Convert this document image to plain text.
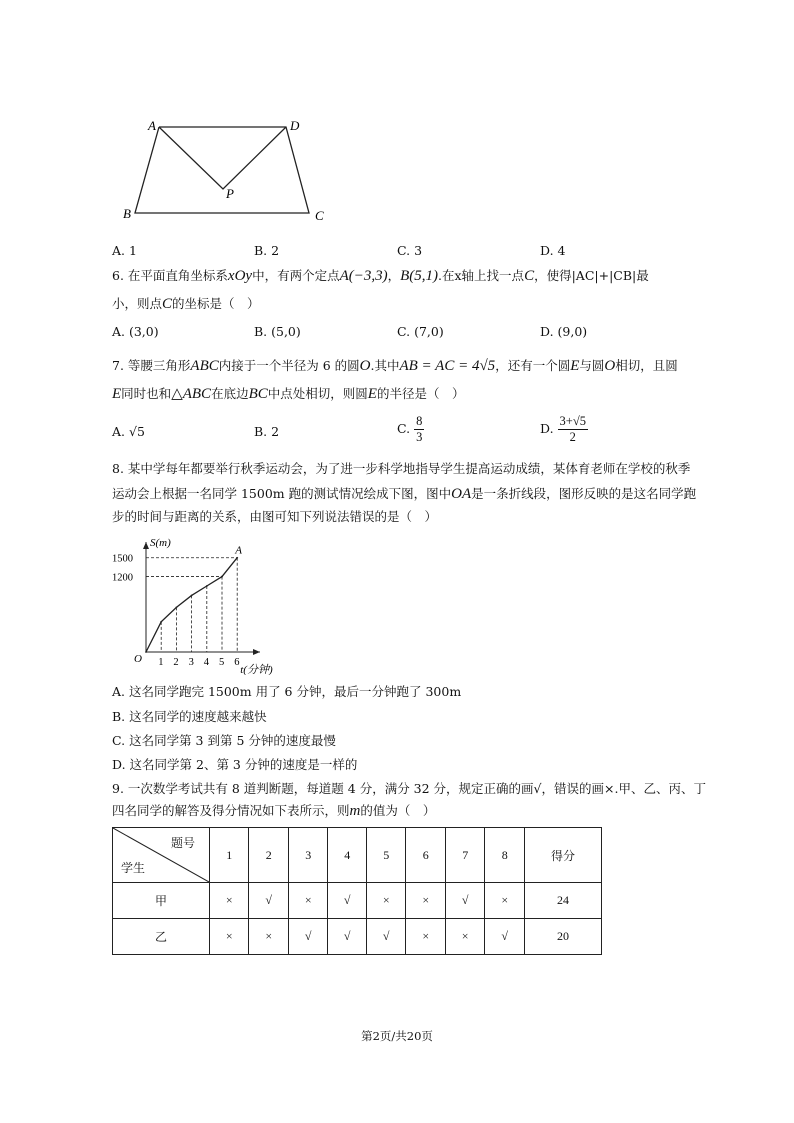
A	D
P
B	C
A. 1	B. 2	C. 3	D. 4
6. 在平面直角坐标系xOy中，有两个定点A(−3,3)，B(5,1).在x轴上找一点C，使得|AC|+|CB|最
小，则点C的坐标是（　）
A. (3,0)	B. (5,0)	C. (7,0)	D. (9,0)
7. 等腰三角形ABC内接于一个半径为 6 的圆O.其中AB = AC = 4√5，还有一个圆E与圆O相切，且圆
E同时也和△ABC在底边BC中点处相切，则圆E的半径是（　）
A. √5	B. 2	C. $\frac{8}{3}$	D. $\frac{3+√5}{2}$
8. 某中学每年都要举行秋季运动会，为了进一步科学地指导学生提高运动成绩，某体育老师在学校的秋季
运动会上根据一名同学 1500m 跑的测试情况绘成下图，图中OA是一条折线段，图形反映的是这名同学跑
步的时间与距离的关系，由图可知下列说法错误的是（　）
S(m)
t(分钟)
O 1 2 3 4 5 6
1500
1200
A
A. 这名同学跑完 1500m 用了 6 分钟，最后一分钟跑了 300m
B. 这名同学的速度越来越快
C. 这名同学第 3 到第 5 分钟的速度最慢
D. 这名同学第 2、第 3 分钟的速度是一样的
9. 一次数学考试共有 8 道判断题，每道题 4 分，满分 32 分，规定正确的画√，错误的画×.甲、乙、丙、丁
四名同学的解答及得分情况如下表所示，则m的值为（　）
题号
学生	1	2	3	4	5	6	7	8	得分
甲	×	√	×	√	×	×	√	×	24
乙	×	×	√	√	√	×	×	√	20
第2页/共20页
